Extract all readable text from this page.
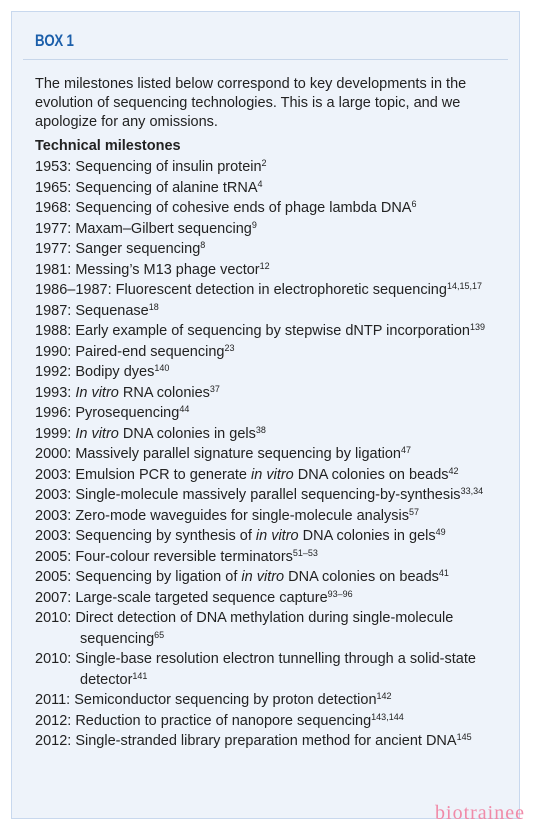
BOX 1
The milestones listed below correspond to key developments in the evolution of sequencing technologies. This is a large topic, and we apologize for any omissions.
Technical milestones
1953: Sequencing of insulin protein$^2$
1965: Sequencing of alanine tRNA$^4$
1968: Sequencing of cohesive ends of phage lambda DNA$^6$
1977: Maxam–Gilbert sequencing$^9$
1977: Sanger sequencing$^8$
1981: Messing’s M13 phage vector$^{12}$
1986–1987: Fluorescent detection in electrophoretic sequencing$^{14,15,17}$
1987: Sequenase$^{18}$
1988: Early example of sequencing by stepwise dNTP incorporation$^{139}$
1990: Paired-end sequencing$^{23}$
1992: Bodipy dyes$^{140}$
1993: In vitro RNA colonies$^{37}$
1996: Pyrosequencing$^{44}$
1999: In vitro DNA colonies in gels$^{38}$
2000: Massively parallel signature sequencing by ligation$^{47}$
2003: Emulsion PCR to generate in vitro DNA colonies on beads$^{42}$
2003: Single-molecule massively parallel sequencing-by-synthesis$^{33,34}$
2003: Zero-mode waveguides for single-molecule analysis$^{57}$
2003: Sequencing by synthesis of in vitro DNA colonies in gels$^{49}$
2005: Four-colour reversible terminators$^{51-53}$
2005: Sequencing by ligation of in vitro DNA colonies on beads$^{41}$
2007: Large-scale targeted sequence capture$^{93-96}$
2010: Direct detection of DNA methylation during single-molecule sequencing$^{65}$
2010: Single-base resolution electron tunnelling through a solid-state detector$^{141}$
2011: Semiconductor sequencing by proton detection$^{142}$
2012: Reduction to practice of nanopore sequencing$^{143,144}$
2012: Single-stranded library preparation method for ancient DNA$^{145}$
biotrainee
